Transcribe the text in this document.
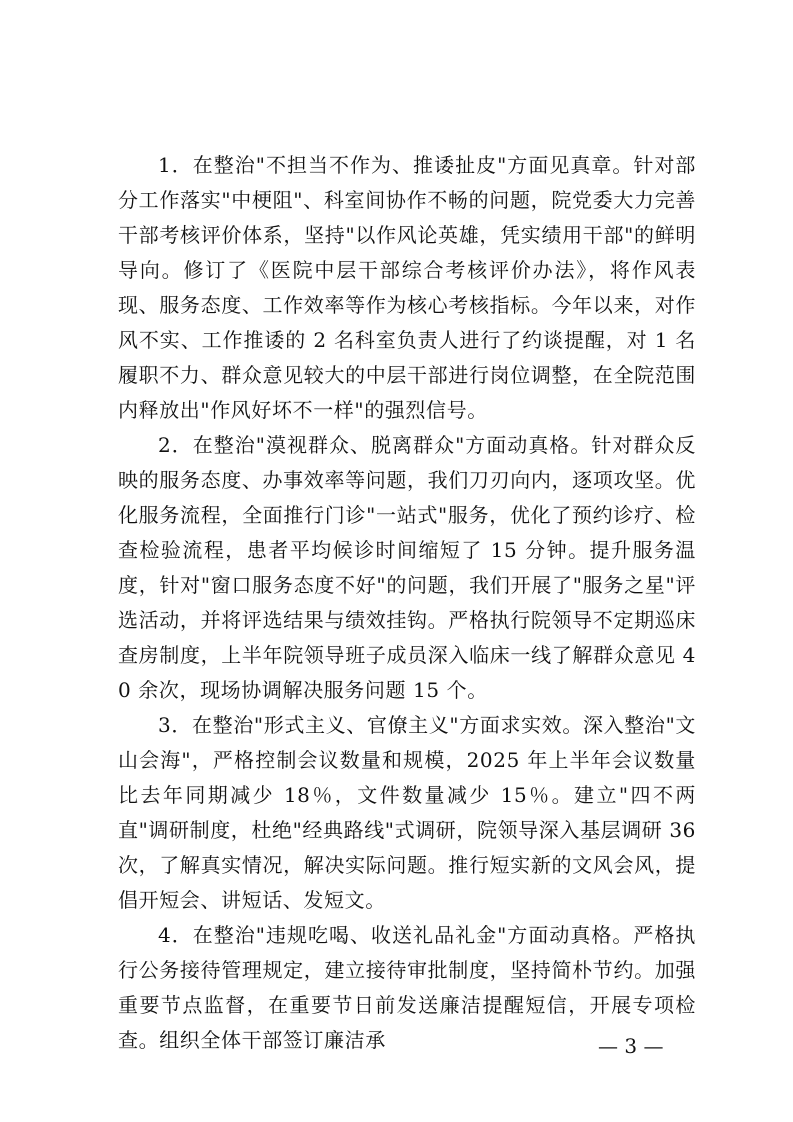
1．在整治"不担当不作为、推诿扯皮"方面见真章。针对部分工作落实"中梗阻"、科室间协作不畅的问题，院党委大力完善干部考核评价体系，坚持"以作风论英雄，凭实绩用干部"的鲜明导向。修订了《医院中层干部综合考核评价办法》，将作风表现、服务态度、工作效率等作为核心考核指标。今年以来，对作风不实、工作推诿的 2 名科室负责人进行了约谈提醒，对 1 名履职不力、群众意见较大的中层干部进行岗位调整，在全院范围内释放出"作风好坏不一样"的强烈信号。

2．在整治"漠视群众、脱离群众"方面动真格。针对群众反映的服务态度、办事效率等问题，我们刀刃向内，逐项攻坚。优化服务流程，全面推行门诊"一站式"服务，优化了预约诊疗、检查检验流程，患者平均候诊时间缩短了 15 分钟。提升服务温度，针对"窗口服务态度不好"的问题，我们开展了"服务之星"评选活动，并将评选结果与绩效挂钩。严格执行院领导不定期巡床查房制度，上半年院领导班子成员深入临床一线了解群众意见 40 余次，现场协调解决服务问题 15 个。

3．在整治"形式主义、官僚主义"方面求实效。深入整治"文山会海"，严格控制会议数量和规模，2025 年上半年会议数量比去年同期减少 18％，文件数量减少 15％。建立"四不两直"调研制度，杜绝"经典路线"式调研，院领导深入基层调研 36 次，了解真实情况，解决实际问题。推行短实新的文风会风，提倡开短会、讲短话、发短文。

4．在整治"违规吃喝、收送礼品礼金"方面动真格。严格执行公务接待管理规定，建立接待审批制度，坚持简朴节约。加强重要节点监督，在重要节日前发送廉洁提醒短信，开展专项检查。组织全体干部签订廉洁承	— 3 —
